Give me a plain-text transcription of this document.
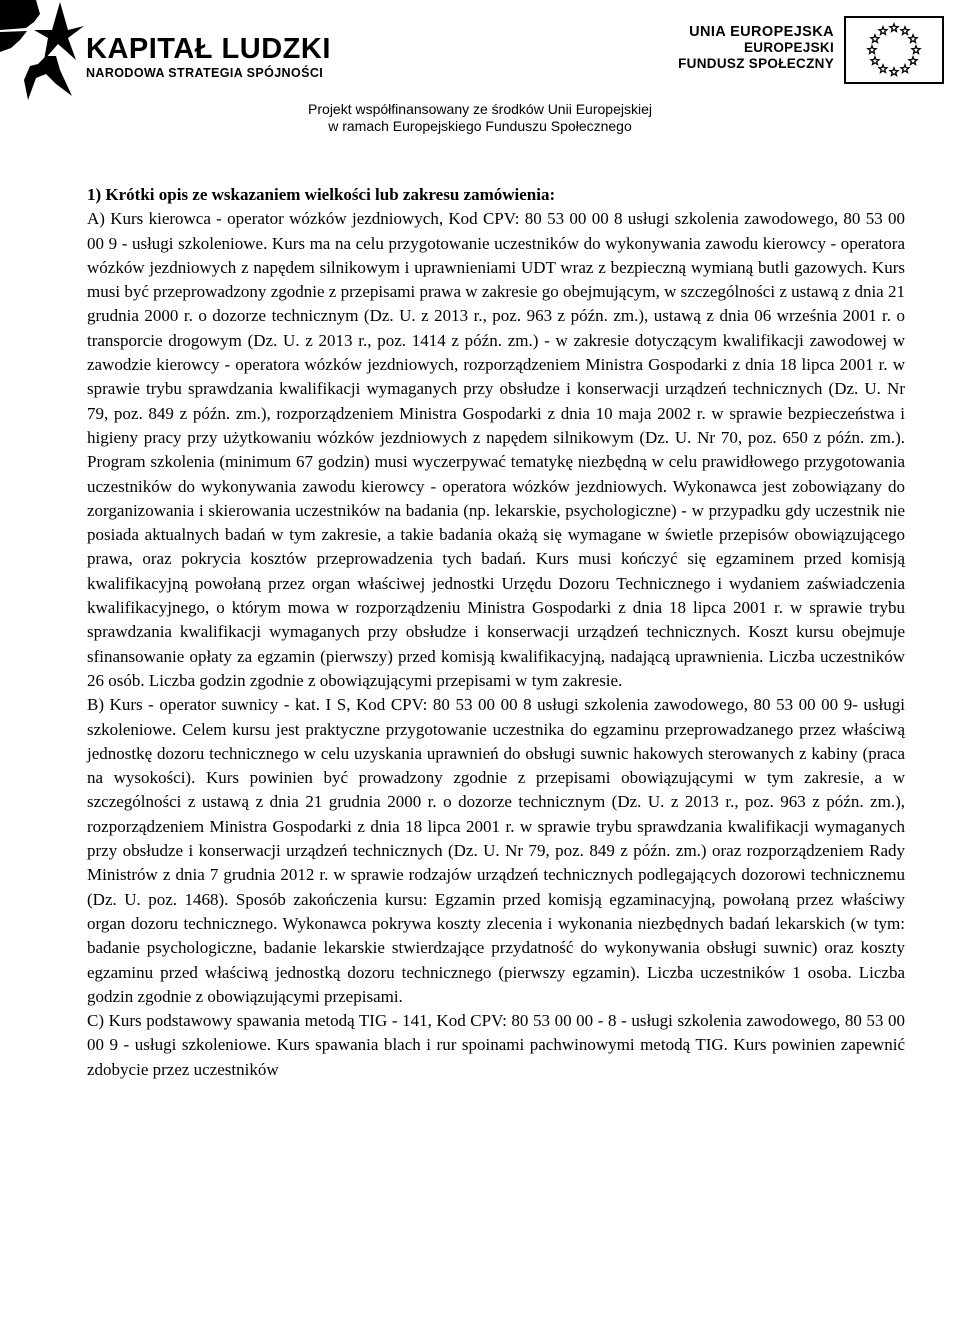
KAPITAŁ LUDZKI
NARODOWA STRATEGIA SPÓJNOŚCI
UNIA EUROPEJSKA
EUROPEJSKI
FUNDUSZ SPOŁECZNY
Projekt współfinansowany ze środków Unii Europejskiej
w ramach Europejskiego Funduszu Społecznego

1) Krótki opis ze wskazaniem wielkości lub zakresu zamówienia:

A) Kurs kierowca - operator wózków jezdniowych, Kod CPV: 80 53 00 00 8 usługi szkolenia zawodowego, 80 53 00 00 9 - usługi szkoleniowe. Kurs ma na celu przygotowanie uczestników do wykonywania zawodu kierowcy - operatora wózków jezdniowych z napędem silnikowym i uprawnieniami UDT wraz z bezpieczną wymianą butli gazowych. Kurs musi być przeprowadzony zgodnie z przepisami prawa w zakresie go obejmującym, w szczególności z ustawą z dnia 21 grudnia 2000 r. o dozorze technicznym (Dz. U. z 2013 r., poz. 963 z późn. zm.), ustawą z dnia 06 września 2001 r. o transporcie drogowym (Dz. U. z 2013 r., poz. 1414 z późn. zm.) - w zakresie dotyczącym kwalifikacji zawodowej w zawodzie kierowcy - operatora wózków jezdniowych, rozporządzeniem Ministra Gospodarki z dnia 18 lipca 2001 r. w sprawie trybu sprawdzania kwalifikacji wymaganych przy obsłudze i konserwacji urządzeń technicznych (Dz. U. Nr 79, poz. 849 z późn. zm.), rozporządzeniem Ministra Gospodarki z dnia 10 maja 2002 r. w sprawie bezpieczeństwa i higieny pracy przy użytkowaniu wózków jezdniowych z napędem silnikowym (Dz. U. Nr 70, poz. 650 z późn. zm.). Program szkolenia (minimum 67 godzin) musi wyczerpywać tematykę niezbędną w celu prawidłowego przygotowania uczestników do wykonywania zawodu kierowcy - operatora wózków jezdniowych. Wykonawca jest zobowiązany do zorganizowania i skierowania uczestników na badania (np. lekarskie, psychologiczne) - w przypadku gdy uczestnik nie posiada aktualnych badań w tym zakresie, a takie badania okażą się wymagane w świetle przepisów obowiązującego prawa, oraz pokrycia kosztów przeprowadzenia tych badań. Kurs musi kończyć się egzaminem przed komisją kwalifikacyjną powołaną przez organ właściwej jednostki Urzędu Dozoru Technicznego i wydaniem zaświadczenia kwalifikacyjnego, o którym mowa w rozporządzeniu Ministra Gospodarki z dnia 18 lipca 2001 r. w sprawie trybu sprawdzania kwalifikacji wymaganych przy obsłudze i konserwacji urządzeń technicznych. Koszt kursu obejmuje sfinansowanie opłaty za egzamin (pierwszy) przed komisją kwalifikacyjną, nadającą uprawnienia. Liczba uczestników 26 osób. Liczba godzin zgodnie z obowiązującymi przepisami w tym zakresie.

B) Kurs - operator suwnicy - kat. I S, Kod CPV: 80 53 00 00 8 usługi szkolenia zawodowego, 80 53 00 00 9- usługi szkoleniowe. Celem kursu jest praktyczne przygotowanie uczestnika do egzaminu przeprowadzanego przez właściwą jednostkę dozoru technicznego w celu uzyskania uprawnień do obsługi suwnic hakowych sterowanych z kabiny (praca na wysokości). Kurs powinien być prowadzony zgodnie z przepisami obowiązującymi w tym zakresie, a w szczególności z ustawą z dnia 21 grudnia 2000 r. o dozorze technicznym (Dz. U. z 2013 r., poz. 963 z późn. zm.), rozporządzeniem Ministra Gospodarki z dnia 18 lipca 2001 r. w sprawie trybu sprawdzania kwalifikacji wymaganych przy obsłudze i konserwacji urządzeń technicznych (Dz. U. Nr 79, poz. 849 z późn. zm.) oraz rozporządzeniem Rady Ministrów z dnia 7 grudnia 2012 r. w sprawie rodzajów urządzeń technicznych podlegających dozorowi technicznemu (Dz. U. poz. 1468). Sposób zakończenia kursu: Egzamin przed komisją egzaminacyjną, powołaną przez właściwy organ dozoru technicznego. Wykonawca pokrywa koszty zlecenia i wykonania niezbędnych badań lekarskich (w tym: badanie psychologiczne, badanie lekarskie stwierdzające przydatność do wykonywania obsługi suwnic) oraz koszty egzaminu przed właściwą jednostką dozoru technicznego (pierwszy egzamin). Liczba uczestników 1 osoba. Liczba godzin zgodnie z obowiązującymi przepisami.

C) Kurs podstawowy spawania metodą TIG - 141, Kod CPV: 80 53 00 00 - 8 - usługi szkolenia zawodowego, 80 53 00 00 9 - usługi szkoleniowe. Kurs spawania blach i rur spoinami pachwinowymi metodą TIG. Kurs powinien zapewnić zdobycie przez uczestników
